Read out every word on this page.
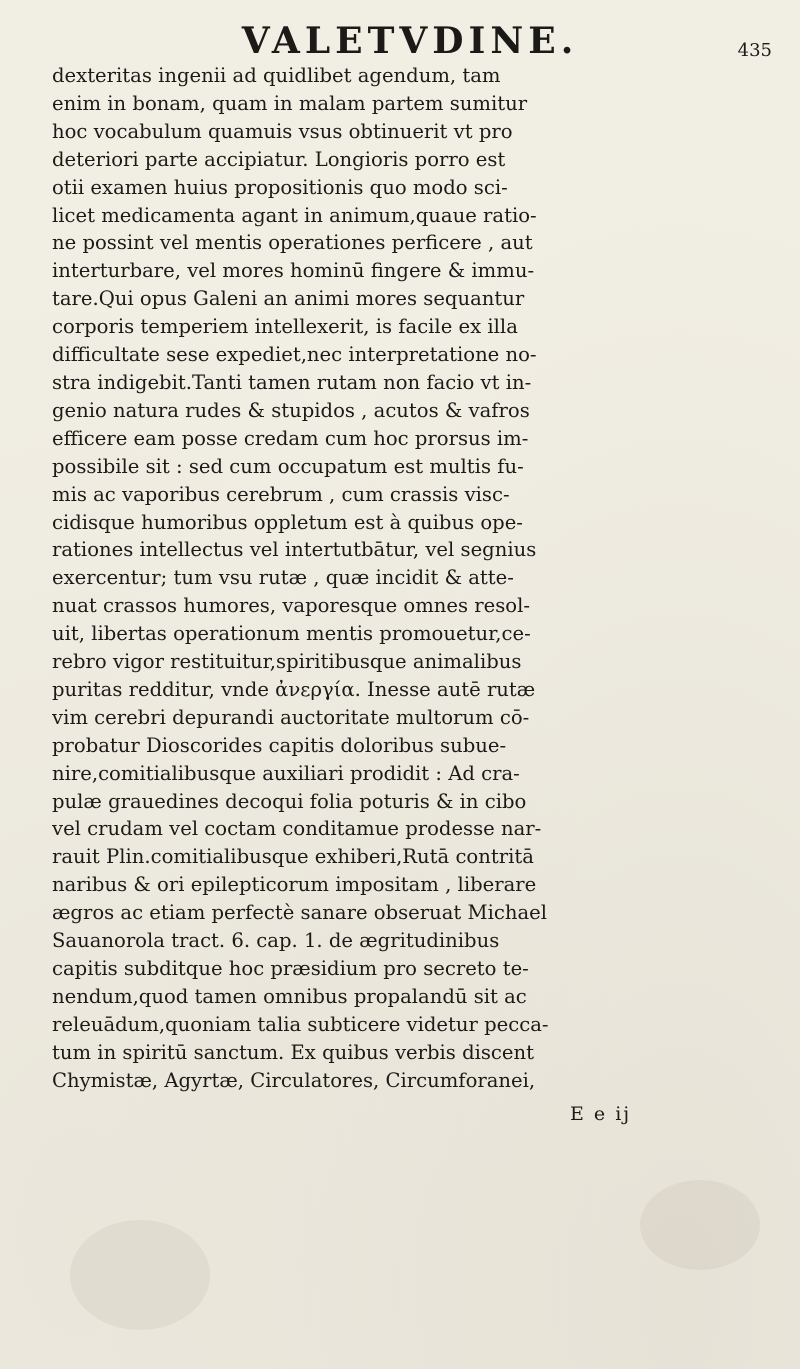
VALETVDINE.	435
dexteritas ingenii ad quidlibet agendum, tam
enim in bonam, quam in malam partem sumitur
hoc vocabulum quamuis vsus obtinuerit vt pro
deteriori parte accipiatur. Longioris porro est
otii examen huius propositionis quo modo sci-
licet medicamenta agant in animum,quaue ratio-
ne possint vel mentis operationes perficere , aut
interturbare, vel mores hominū fingere & immu-
tare.Qui opus Galeni an animi mores sequantur
corporis temperiem intellexerit, is facile ex illa
difficultate sese expediet,nec interpretatione no-
stra indigebit.Tanti tamen rutam non facio vt in-
genio natura rudes & stupidos , acutos & vafros
efficere eam posse credam cum hoc prorsus im-
possibile sit : sed cum occupatum est multis fu-
mis ac vaporibus cerebrum , cum crassis visc-
cidisque humoribus oppletum est à quibus ope-
rationes intellectus vel intertutbātur, vel segnius
exercentur; tum vsu rutæ , quæ incidit & atte-
nuat crassos humores, vaporesque omnes resol-
uit, libertas operationum mentis promouetur,ce-
rebro vigor restituitur,spiritibusque animalibus
puritas redditur, vnde ἀνεργία. Inesse autē rutæ
vim cerebri depurandi auctoritate multorum cō-
probatur Dioscorides capitis doloribus subue-
nire,comitialibusque auxiliari prodidit : Ad cra-
pulæ grauedines decoqui folia poturis & in cibo
vel crudam vel coctam conditamue prodesse nar-
rauit Plin.comitialibusque exhiberi,Rutā contritā
naribus & ori epilepticorum impositam , liberare
ægros ac etiam perfectè sanare obseruat Michael
Sauanorola tract. 6. cap. 1. de ægritudinibus
capitis subditque hoc præsidium pro secreto te-
nendum,quod tamen omnibus propalandū sit ac
releuādum,quoniam talia subticere videtur pecca-
tum in spiritū sanctum. Ex quibus verbis discent
Chymistæ, Agyrtæ, Circulatores, Circumforanei,
E e ij
